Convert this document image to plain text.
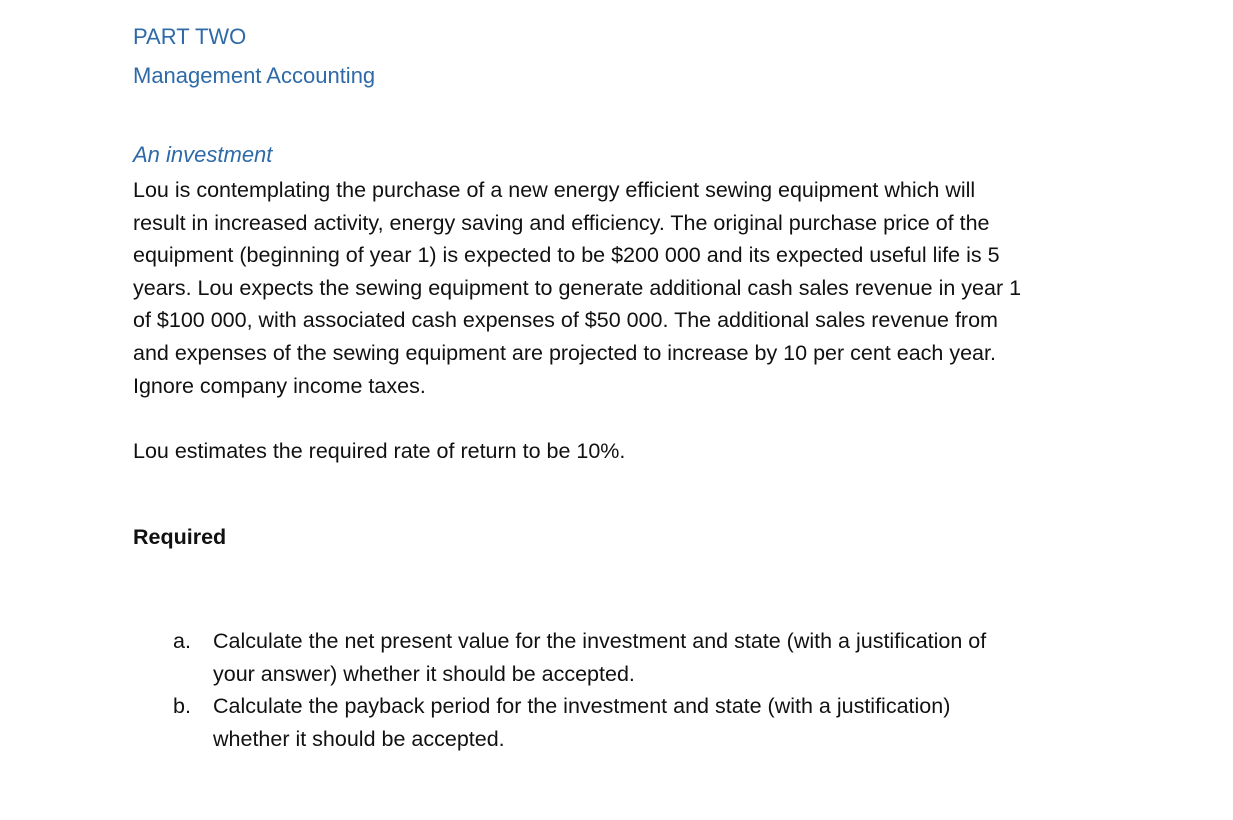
PART TWO
Management Accounting
An investment

Lou is contemplating the purchase of a new energy efficient sewing equipment which will
result in increased activity, energy saving and efficiency. The original purchase price of the
equipment (beginning of year 1) is expected to be $200 000 and its expected useful life is 5
years. Lou expects the sewing equipment to generate additional cash sales revenue in year 1
of $100 000, with associated cash expenses of $50 000. The additional sales revenue from
and expenses of the sewing equipment are projected to increase by 10 per cent each year.
Ignore company income taxes.

Lou estimates the required rate of return to be 10%.

Required
a. Calculate the net present value for the investment and state (with a justification of
your answer) whether it should be accepted.
b. Calculate the payback period for the investment and state (with a justification)
whether it should be accepted.
